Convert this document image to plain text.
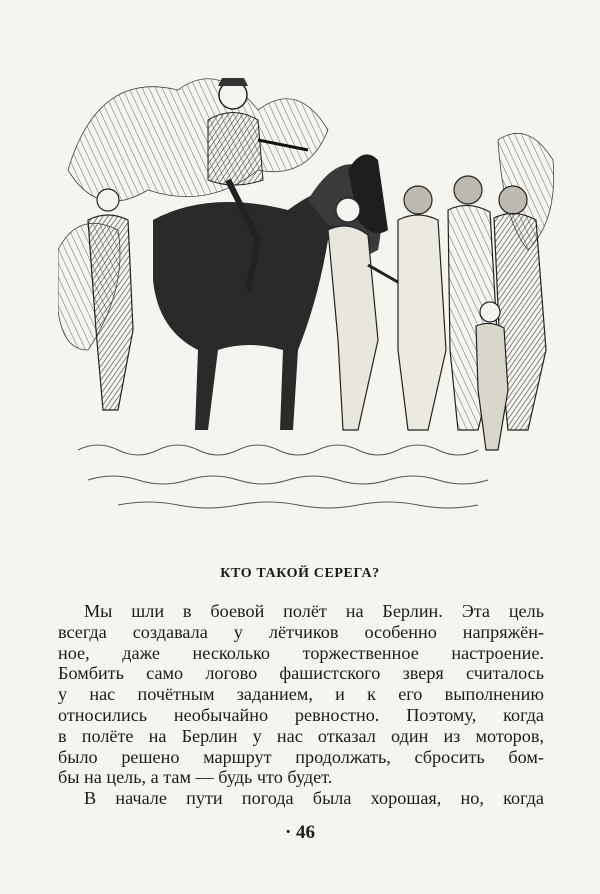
КТО ТАКОЙ СЕРЕГА?
Мы шли в боевой полёт на Берлин. Эта цель
всегда создавала у лётчиков особенно напряжён-
ное, даже несколько торжественное настроение.
Бомбить само логово фашистского зверя считалось
у нас почётным заданием, и к его выполнению
относились необычайно ревностно. Поэтому, когда
в полёте на Берлин у нас отказал один из моторов,
было решено маршрут продолжать, сбросить бом-
бы на цель, а там — будь что будет.
В начале пути погода была хорошая, но, когда
· 46
